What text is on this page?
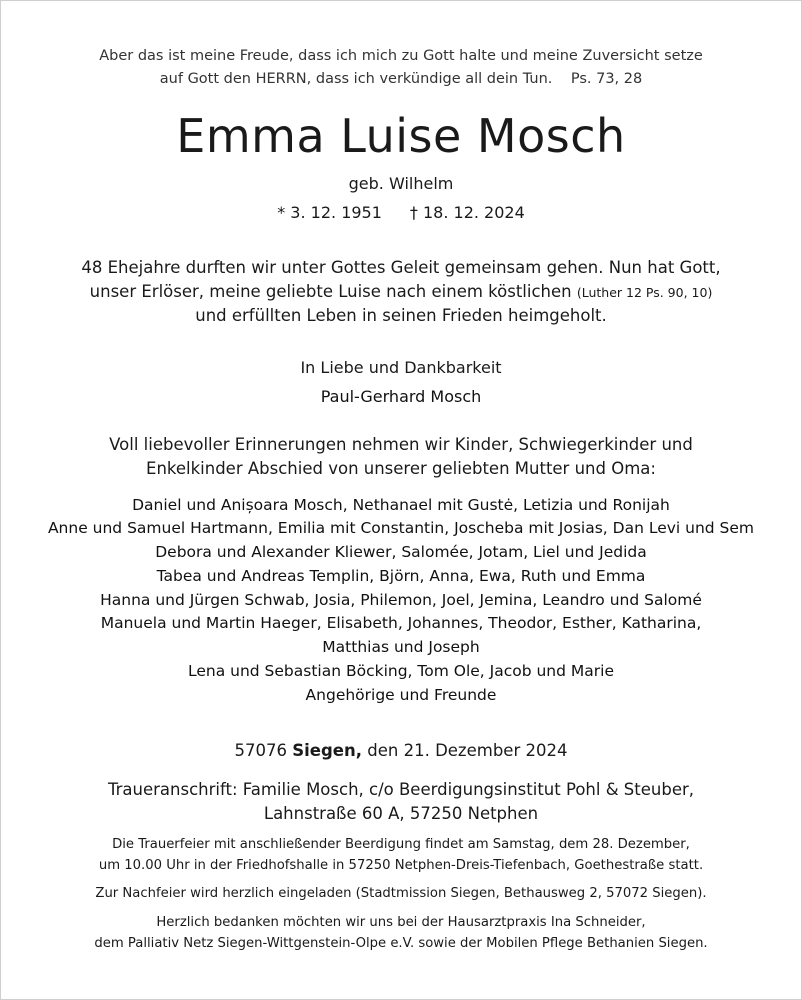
Aber das ist meine Freude, dass ich mich zu Gott halte und meine Zuversicht setze
auf Gott den HERRN, dass ich verkündige all dein Tun. Ps. 73, 28
Emma Luise Mosch
geb. Wilhelm
* 3. 12. 1951 † 18. 12. 2024
48 Ehejahre durften wir unter Gottes Geleit gemeinsam gehen. Nun hat Gott,
unser Erlöser, meine geliebte Luise nach einem köstlichen (Luther 12 Ps. 90, 10)
und erfüllten Leben in seinen Frieden heimgeholt.
In Liebe und Dankbarkeit
Paul-Gerhard Mosch
Voll liebevoller Erinnerungen nehmen wir Kinder, Schwiegerkinder und
Enkelkinder Abschied von unserer geliebten Mutter und Oma:
Daniel und Anișoara Mosch, Nethanael mit Gustė, Letizia und Ronijah
Anne und Samuel Hartmann, Emilia mit Constantin, Joscheba mit Josias, Dan Levi und Sem
Debora und Alexander Kliewer, Salomée, Jotam, Liel und Jedida
Tabea und Andreas Templin, Björn, Anna, Ewa, Ruth und Emma
Hanna und Jürgen Schwab, Josia, Philemon, Joel, Jemina, Leandro und Salomé
Manuela und Martin Haeger, Elisabeth, Johannes, Theodor, Esther, Katharina,
Matthias und Joseph
Lena und Sebastian Böcking, Tom Ole, Jacob und Marie
Angehörige und Freunde
57076 Siegen, den 21. Dezember 2024
Traueranschrift: Familie Mosch, c/o Beerdigungsinstitut Pohl & Steuber,
Lahnstraße 60 A, 57250 Netphen
Die Trauerfeier mit anschließender Beerdigung findet am Samstag, dem 28. Dezember,
um 10.00 Uhr in der Friedhofshalle in 57250 Netphen-Dreis-Tiefenbach, Goethestraße statt.
Zur Nachfeier wird herzlich eingeladen (Stadtmission Siegen, Bethausweg 2, 57072 Siegen).
Herzlich bedanken möchten wir uns bei der Hausarztpraxis Ina Schneider,
dem Palliativ Netz Siegen-Wittgenstein-Olpe e.V. sowie der Mobilen Pflege Bethanien Siegen.
